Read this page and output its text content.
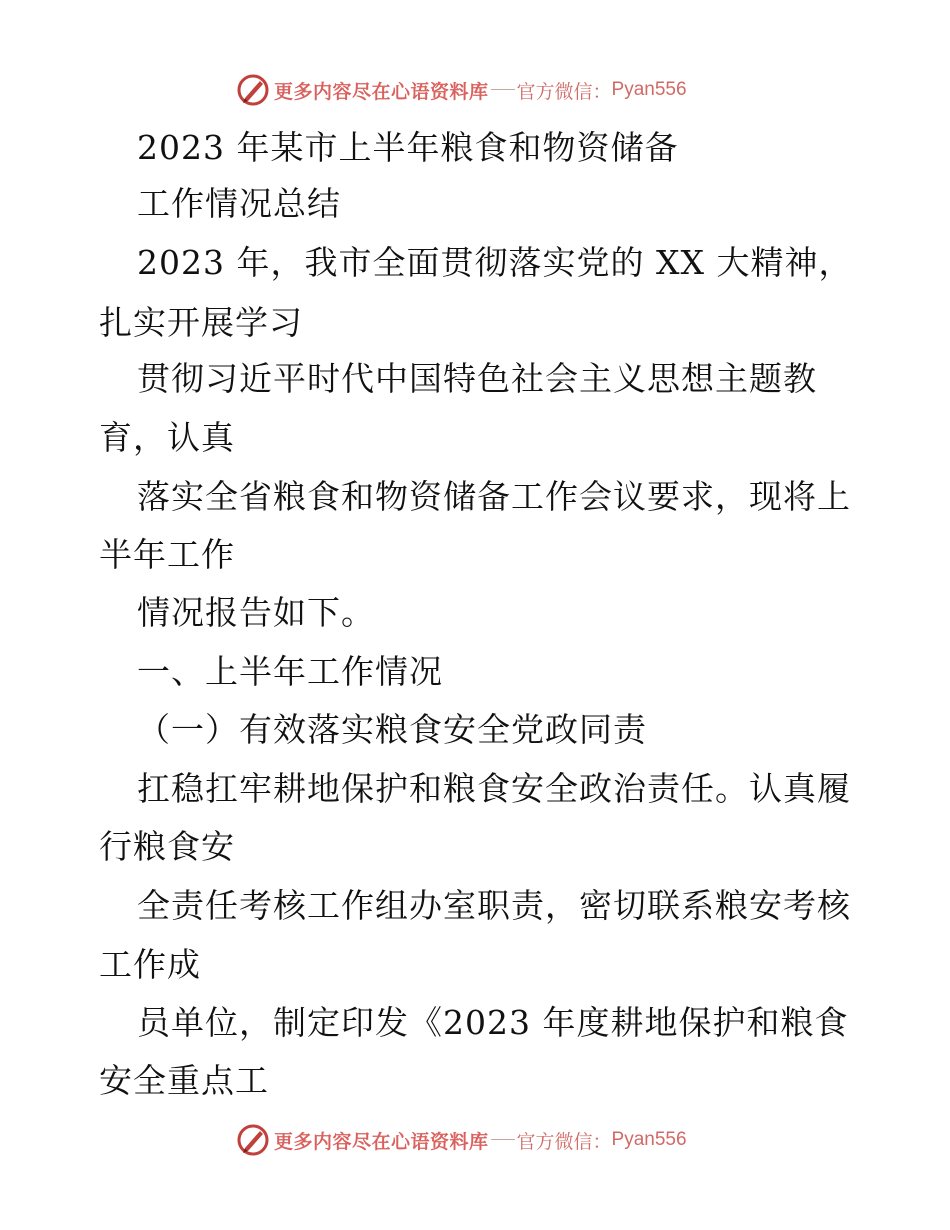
更多内容尽在心语资料库 官方微信： Pyan556
2023 年某市上半年粮食和物资储备
工作情况总结
2023 年，我市全面贯彻落实党的 XX 大精神，
扎实开展学习
贯彻习近平时代中国特色社会主义思想主题教
育，认真
落实全省粮食和物资储备工作会议要求，现将上
半年工作
情况报告如下。
一、上半年工作情况
（一）有效落实粮食安全党政同责
扛稳扛牢耕地保护和粮食安全政治责任。认真履
行粮食安
全责任考核工作组办室职责，密切联系粮安考核
工作成
员单位，制定印发《2023 年度耕地保护和粮食
安全重点工
更多内容尽在心语资料库 官方微信： Pyan556
